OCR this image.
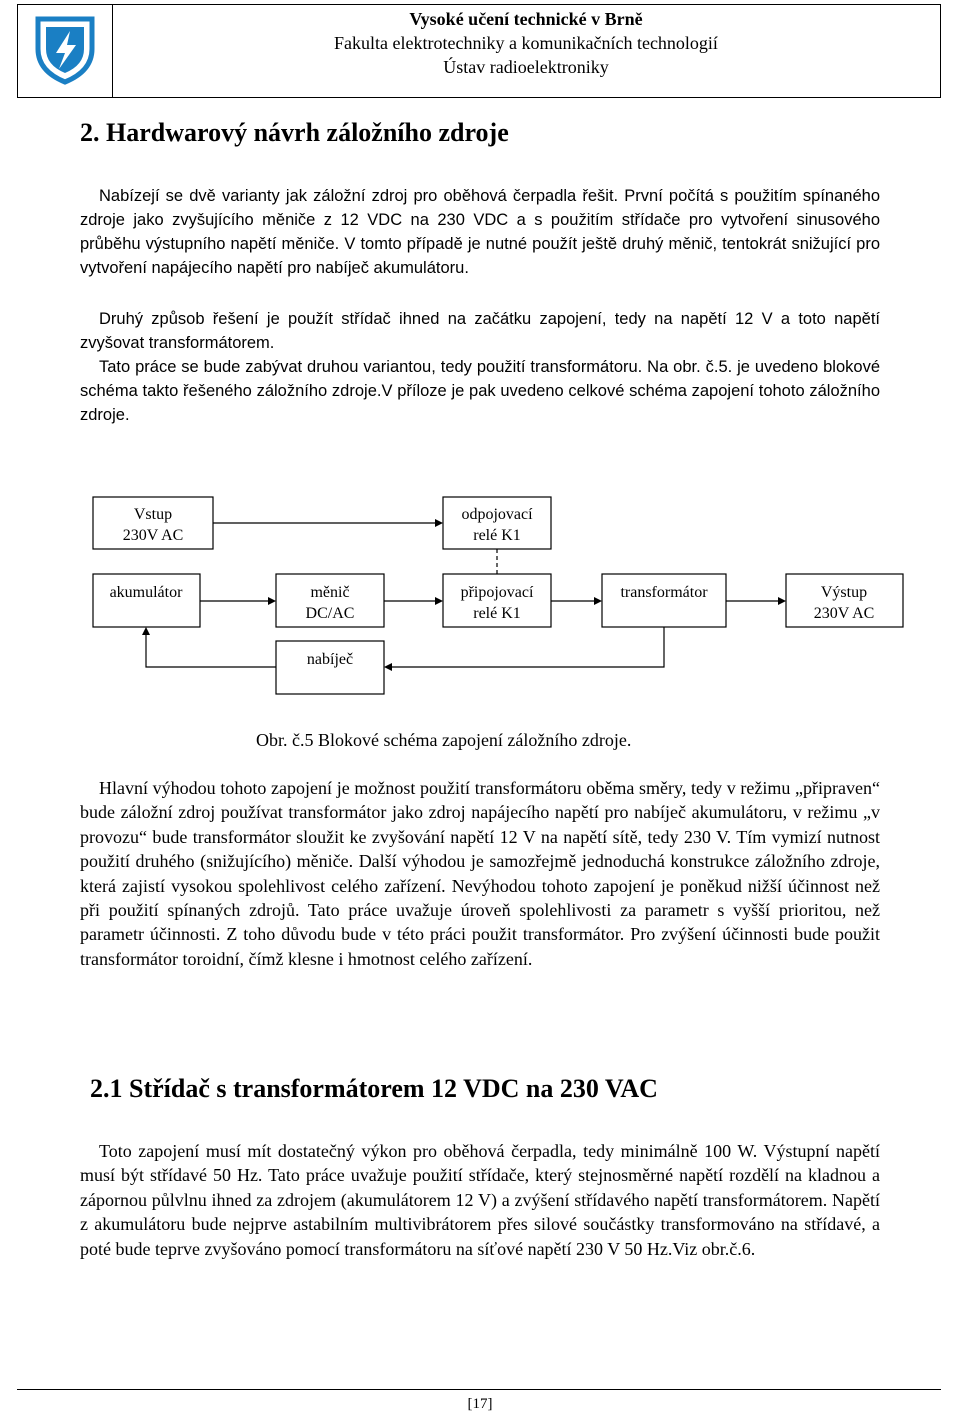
Vysoké učení technické v Brně
Fakulta elektrotechniky a komunikačních technologií
Ústav radioelektroniky
2. Hardwarový návrh záložního zdroje

Nabízejí se dvě varianty jak záložní zdroj pro oběhová čerpadla řešit. První počítá s použitím spínaného zdroje jako zvyšujícího měniče z 12 VDC na 230 VDC a s použitím střídače pro vytvoření sinusového průběhu výstupního napětí měniče. V tomto případě je nutné použít ještě druhý měnič, tentokrát snižující pro vytvoření napájecího napětí pro nabíječ akumulátoru.

Druhý způsob řešení je použít střídač ihned na začátku zapojení, tedy na napětí 12 V a toto napětí zvyšovat transformátorem.

Tato práce se bude zabývat druhou variantou, tedy použití transformátoru. Na obr. č.5. je uvedeno blokové schéma takto řešeného záložního zdroje.V příloze je pak uvedeno celkové schéma zapojení tohoto záložního zdroje.

Vstup
230V AC
odpojovací
relé K1
akumulátor	měnič
DC/AC
připojovací
relé K1
transformátor	Výstup
230V AC
nabíječ
Obr. č.5 Blokové schéma zapojení záložního zdroje.

Hlavní výhodou tohoto zapojení je možnost použití transformátoru oběma směry, tedy v režimu „připraven“ bude záložní zdroj používat transformátor jako zdroj napájecího napětí pro nabíječ akumulátoru, v režimu „v provozu“ bude transformátor sloužit ke zvyšování napětí 12 V na napětí sítě, tedy 230 V. Tím vymizí nutnost použití druhého (snižujícího) měniče. Další výhodou je samozřejmě jednoduchá konstrukce záložního zdroje, která zajistí vysokou spolehlivost celého zařízení. Nevýhodou tohoto zapojení je poněkud nižší účinnost než při použití spínaných zdrojů. Tato práce uvažuje úroveň spolehlivosti za parametr s vyšší prioritou, než parametr účinnosti. Z toho důvodu bude v této práci použit transformátor. Pro zvýšení účinnosti bude použit transformátor toroidní, čímž klesne i hmotnost celého zařízení.

2.1 Střídač s transformátorem 12 VDC na 230 VAC

Toto zapojení musí mít dostatečný výkon pro oběhová čerpadla, tedy minimálně 100 W. Výstupní napětí musí být střídavé 50 Hz. Tato práce uvažuje použití střídače, který stejnosměrné napětí rozdělí na kladnou a zápornou půlvlnu ihned za zdrojem (akumulátorem 12 V) a zvýšení střídavého napětí transformátorem. Napětí z akumulátoru bude nejprve astabilním multivibrátorem přes silové součástky transformováno na střídavé, a poté bude teprve zvyšováno pomocí transformátoru na síťové napětí 230 V 50 Hz.Viz obr.č.6.

[17]
